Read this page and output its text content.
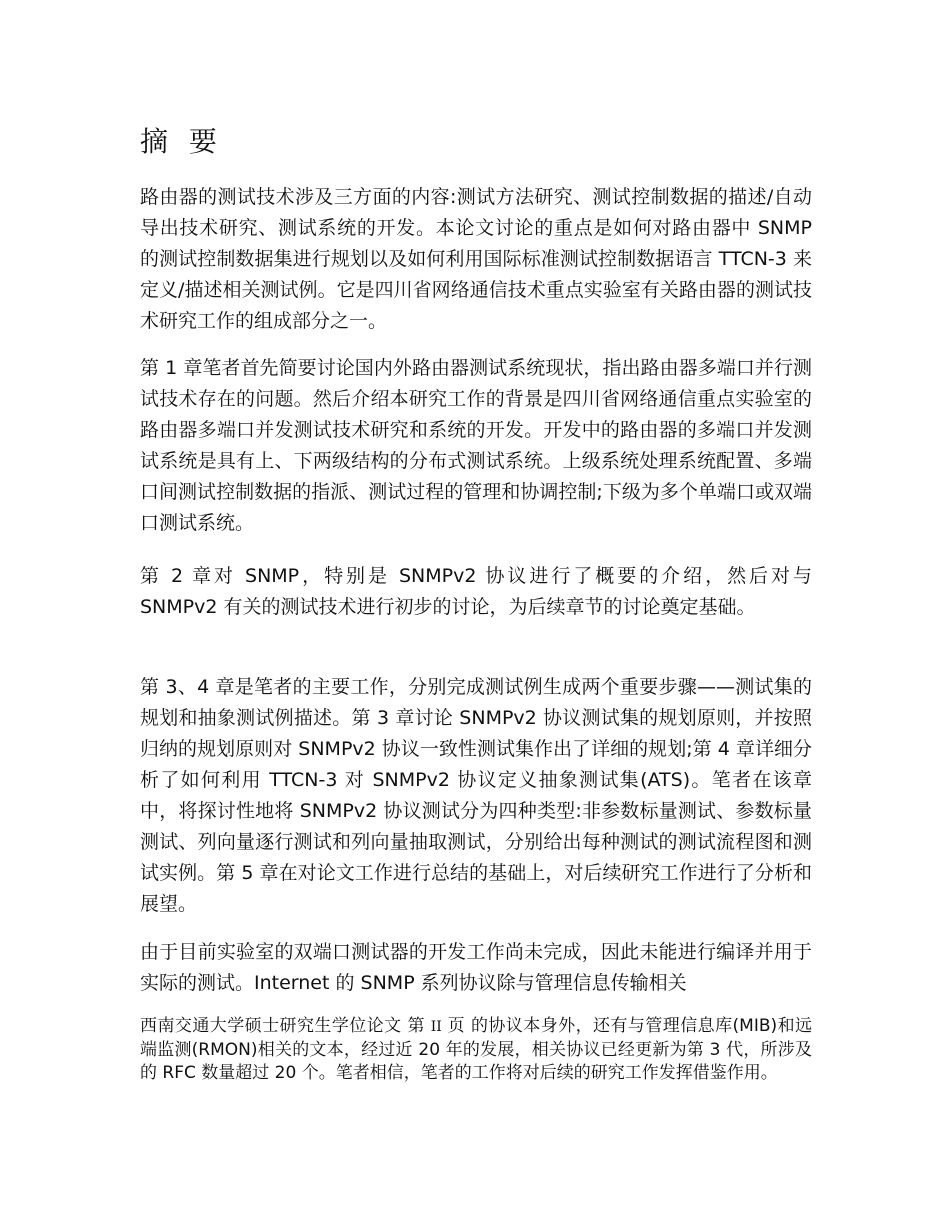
摘 要

路由器的测试技术涉及三方面的内容:测试方法研究、测试控制数据的描述/自动导出技术研究、测试系统的开发。本论文讨论的重点是如何对路由器中 SNMP 的测试控制数据集进行规划以及如何利用国际标准测试控制数据语言 TTCN-3 来定义/描述相关测试例。它是四川省网络通信技术重点实验室有关路由器的测试技术研究工作的组成部分之一。

第 1 章笔者首先简要讨论国内外路由器测试系统现状，指出路由器多端口并行测试技术存在的问题。然后介绍本研究工作的背景是四川省网络通信重点实验室的路由器多端口并发测试技术研究和系统的开发。开发中的路由器的多端口并发测试系统是具有上、下两级结构的分布式测试系统。上级系统处理系统配置、多端口间测试控制数据的指派、测试过程的管理和协调控制;下级为多个单端口或双端口测试系统。

第 2 章对 SNMP，特别是 SNMPv2 协议进行了概要的介绍，然后对与 SNMPv2 有关的测试技术进行初步的讨论，为后续章节的讨论奠定基础。

第 3、4 章是笔者的主要工作，分别完成测试例生成两个重要步骤——测试集的规划和抽象测试例描述。第 3 章讨论 SNMPv2 协议测试集的规划原则，并按照归纳的规划原则对 SNMPv2 协议一致性测试集作出了详细的规划;第 4 章详细分析了如何利用 TTCN-3 对 SNMPv2 协议定义抽象测试集(ATS)。笔者在该章中，将探讨性地将 SNMPv2 协议测试分为四种类型:非参数标量测试、参数标量测试、列向量逐行测试和列向量抽取测试，分别给出每种测试的测试流程图和测试实例。第 5 章在对论文工作进行总结的基础上，对后续研究工作进行了分析和展望。

由于目前实验室的双端口测试器的开发工作尚未完成，因此未能进行编译并用于实际的测试。Internet 的 SNMP 系列协议除与管理信息传输相关

西南交通大学硕士研究生学位论文 第 II 页 的协议本身外，还有与管理信息库(MIB)和远端监测(RMON)相关的文本，经过近 20 年的发展，相关协议已经更新为第 3 代，所涉及的 RFC 数量超过 20 个。笔者相信，笔者的工作将对后续的研究工作发挥借鉴作用。
